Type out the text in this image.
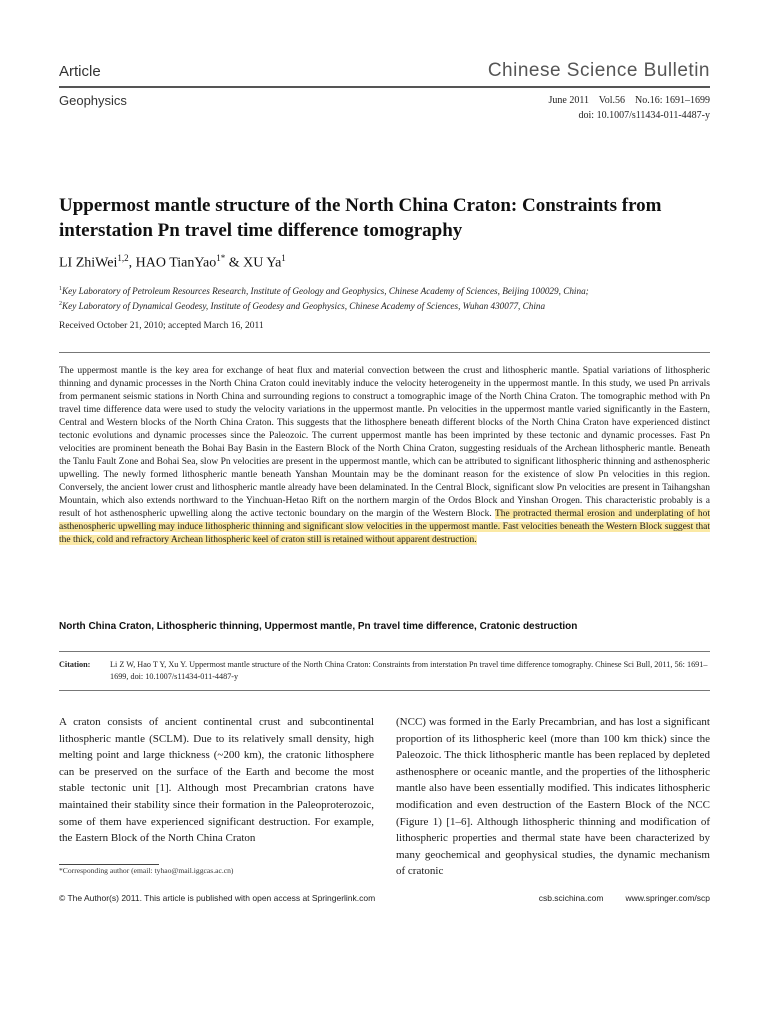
Article	Chinese Science Bulletin
Geophysics	June 2011    Vol.56    No.16: 1691–1699
doi: 10.1007/s11434-011-4487-y
Uppermost mantle structure of the North China Craton: Constraints from interstation Pn travel time difference tomography
LI ZhiWei$^{1,2}$, HAO TianYao$^{1*}$ & XU Ya$^1$
$^1$Key Laboratory of Petroleum Resources Research, Institute of Geology and Geophysics, Chinese Academy of Sciences, Beijing 100029, China;
$^2$Key Laboratory of Dynamical Geodesy, Institute of Geodesy and Geophysics, Chinese Academy of Sciences, Wuhan 430077, China
Received October 21, 2010; accepted March 16, 2011
The uppermost mantle is the key area for exchange of heat flux and material convection between the crust and lithospheric mantle. Spatial variations of lithospheric thinning and dynamic processes in the North China Craton could inevitably induce the velocity heterogeneity in the uppermost mantle. In this study, we used Pn arrivals from permanent seismic stations in North China and surrounding regions to construct a tomographic image of the North China Craton. The tomographic method with Pn travel time difference data were used to study the velocity variations in the uppermost mantle. Pn velocities in the uppermost mantle varied significantly in the Eastern, Central and Western blocks of the North China Craton. This suggests that the lithosphere beneath different blocks of the North China Craton have experienced distinct tectonic evolutions and dynamic processes since the Paleozoic. The current uppermost mantle has been imprinted by these tectonic and dynamic processes. Fast Pn velocities are prominent beneath the Bohai Bay Basin in the Eastern Block of the North China Craton, suggesting residuals of the Archean lithospheric mantle. Beneath the Tanlu Fault Zone and Bohai Sea, slow Pn velocities are present in the uppermost mantle, which can be attributed to significant lithospheric thinning and asthenospheric upwelling. The newly formed lithospheric mantle beneath Yanshan Mountain may be the dominant reason for the existence of slow Pn velocities in this region. Conversely, the ancient lower crust and lithospheric mantle already have been delaminated. In the Central Block, significant slow Pn velocities are present in Taihangshan Mountain, which also extends northward to the Yinchuan-Hetao Rift on the northern margin of the Ordos Block and Yinshan Orogen. This characteristic probably is a result of hot asthenospheric upwelling along the active tectonic boundary on the margin of the Western Block. The protracted thermal erosion and underplating of hot asthenospheric upwelling may induce lithospheric thinning and significant slow velocities in the uppermost mantle. Fast velocities beneath the Western Block suggest that the thick, cold and refractory Archean lithospheric keel of craton still is retained without apparent destruction.
North China Craton, Lithospheric thinning, Uppermost mantle, Pn travel time difference, Cratonic destruction
Citation: Li Z W, Hao T Y, Xu Y. Uppermost mantle structure of the North China Craton: Constraints from interstation Pn travel time difference tomography. Chinese Sci Bull, 2011, 56: 1691–1699, doi: 10.1007/s11434-011-4487-y
A craton consists of ancient continental crust and subcontinental lithospheric mantle (SCLM). Due to its relatively small density, high melting point and large thickness (~200 km), the cratonic lithosphere can be preserved on the surface of the Earth and become the most stable tectonic unit [1]. Although most Precambrian cratons have maintained their stability since their formation in the Paleoproterozoic, some of them have experienced significant destruction. For example, the Eastern Block of the North China Craton
(NCC) was formed in the Early Precambrian, and has lost a significant proportion of its lithospheric keel (more than 100 km thick) since the Paleozoic. The thick lithospheric mantle has been replaced by depleted asthenosphere or oceanic mantle, and the properties of the lithospheric mantle also have been essentially modified. This indicates lithospheric modification and even destruction of the Eastern Block of the NCC (Figure 1) [1–6]. Although lithospheric thinning and modification of lithospheric properties and thermal state have been characterized by many geochemical and geophysical studies, the dynamic mechanism of cratonic
*Corresponding author (email: tyhao@mail.iggcas.ac.cn)
© The Author(s) 2011. This article is published with open access at Springerlink.com	csb.scichina.com	www.springer.com/scp
